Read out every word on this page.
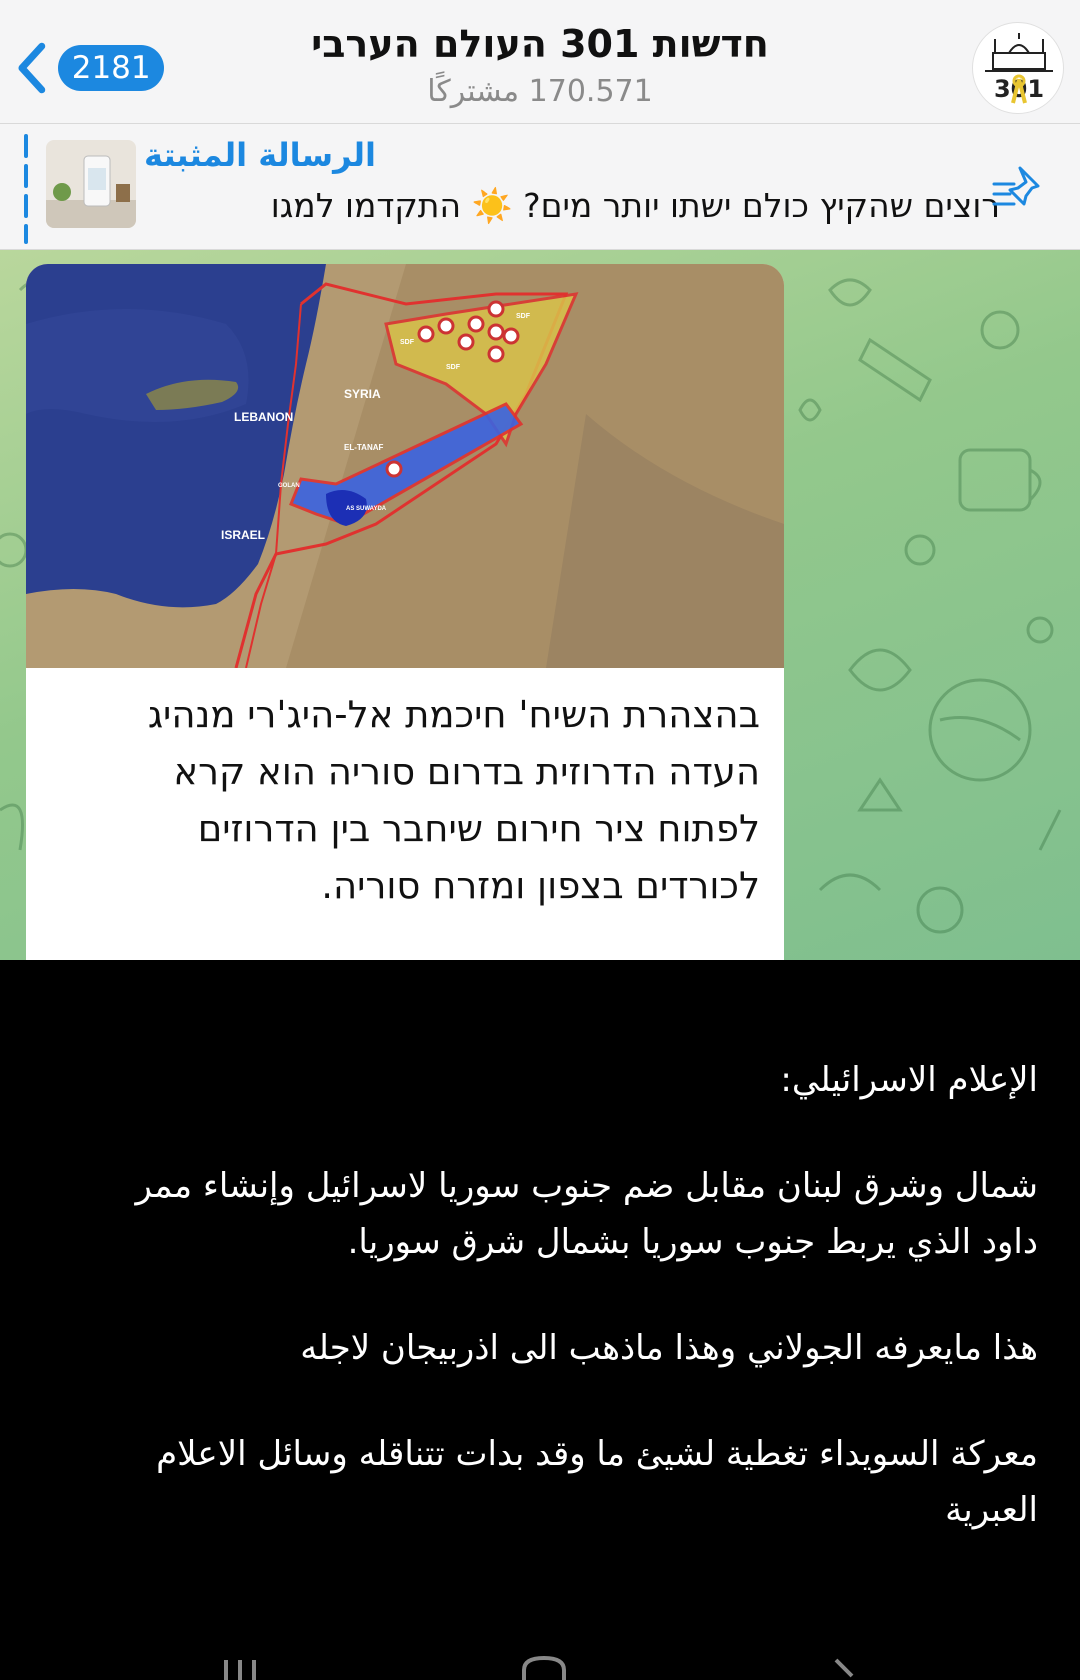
2181
חדשות 301 העולם הערבי
170.571 مشتركًا	301
الرسالة المثبتة
רוצים שהקיץ כולם ישתו יותר מים? ☀️ התקדמו למגו
SYRIA
LEBANON
ISRAEL
EL-TANAF
GOLAN
AS SUWAYDA
SDF
SDF
SDF
בהצהרת השיח' חיכמת אל-היג'רי מנהיג
העדה הדרוזית בדרום סוריה הוא קרא
לפתוח ציר חירום שיחבר בין הדרוזים
לכורדים בצפון ומזרח סוריה.
الإعلام الاسرائيلي:
شمال وشرق لبنان مقابل ضم جنوب سوريا لاسرائيل وإنشاء ممر
داود الذي يربط جنوب سوريا بشمال شرق سوريا.
هذا مايعرفه الجولاني وهذا ماذهب الى اذربيجان لاجله
معركة السويداء تغطية لشيئ ما وقد بدات تتناقله وسائل الاعلام
العبرية
